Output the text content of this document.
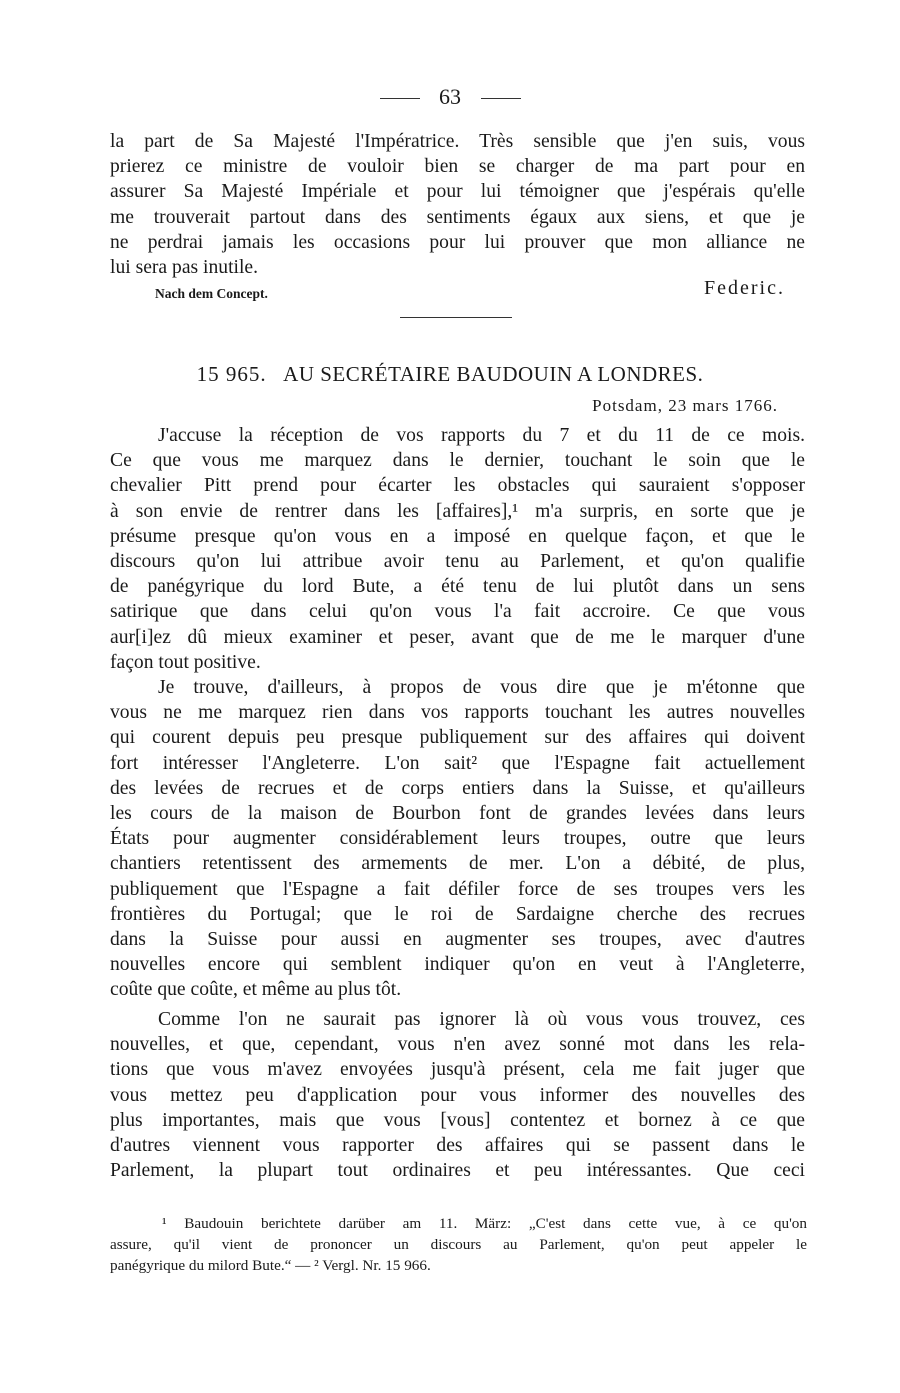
63
la part de Sa Majesté l'Impératrice. Très sensible que j'en suis, vous
prierez ce ministre de vouloir bien se charger de ma part pour en
assurer Sa Majesté Impériale et pour lui témoigner que j'espérais qu'elle
me trouverait partout dans des sentiments égaux aux siens, et que je
ne perdrai jamais les occasions pour lui prouver que mon alliance ne
lui sera pas inutile.
Nach dem Concept.	Federic.
15 965. AU SECRÉTAIRE BAUDOUIN A LONDRES.
Potsdam, 23 mars 1766.
J'accuse la réception de vos rapports du 7 et du 11 de ce mois.
Ce que vous me marquez dans le dernier, touchant le soin que le
chevalier Pitt prend pour écarter les obstacles qui sauraient s'opposer
à son envie de rentrer dans les [affaires],¹ m'a surpris, en sorte que je
présume presque qu'on vous en a imposé en quelque façon, et que le
discours qu'on lui attribue avoir tenu au Parlement, et qu'on qualifie
de panégyrique du lord Bute, a été tenu de lui plutôt dans un sens
satirique que dans celui qu'on vous l'a fait accroire. Ce que vous
aur[i]ez dû mieux examiner et peser, avant que de me le marquer d'une
façon tout positive.
Je trouve, d'ailleurs, à propos de vous dire que je m'étonne que
vous ne me marquez rien dans vos rapports touchant les autres nouvelles
qui courent depuis peu presque publiquement sur des affaires qui doivent
fort intéresser l'Angleterre. L'on sait² que l'Espagne fait actuellement
des levées de recrues et de corps entiers dans la Suisse, et qu'ailleurs
les cours de la maison de Bourbon font de grandes levées dans leurs
États pour augmenter considérablement leurs troupes, outre que leurs
chantiers retentissent des armements de mer. L'on a débité, de plus,
publiquement que l'Espagne a fait défiler force de ses troupes vers les
frontières du Portugal; que le roi de Sardaigne cherche des recrues
dans la Suisse pour aussi en augmenter ses troupes, avec d'autres
nouvelles encore qui semblent indiquer qu'on en veut à l'Angleterre,
coûte que coûte, et même au plus tôt.
Comme l'on ne saurait pas ignorer là où vous vous trouvez, ces
nouvelles, et que, cependant, vous n'en avez sonné mot dans les rela-
tions que vous m'avez envoyées jusqu'à présent, cela me fait juger que
vous mettez peu d'application pour vous informer des nouvelles des
plus importantes, mais que vous [vous] contentez et bornez à ce que
d'autres viennent vous rapporter des affaires qui se passent dans le
Parlement, la plupart tout ordinaires et peu intéressantes. Que ceci
¹ Baudouin berichtete darüber am 11. März: „C'est dans cette vue, à ce qu'on
assure, qu'il vient de prononcer un discours au Parlement, qu'on peut appeler le
panégyrique du milord Bute.“ — ² Vergl. Nr. 15 966.
